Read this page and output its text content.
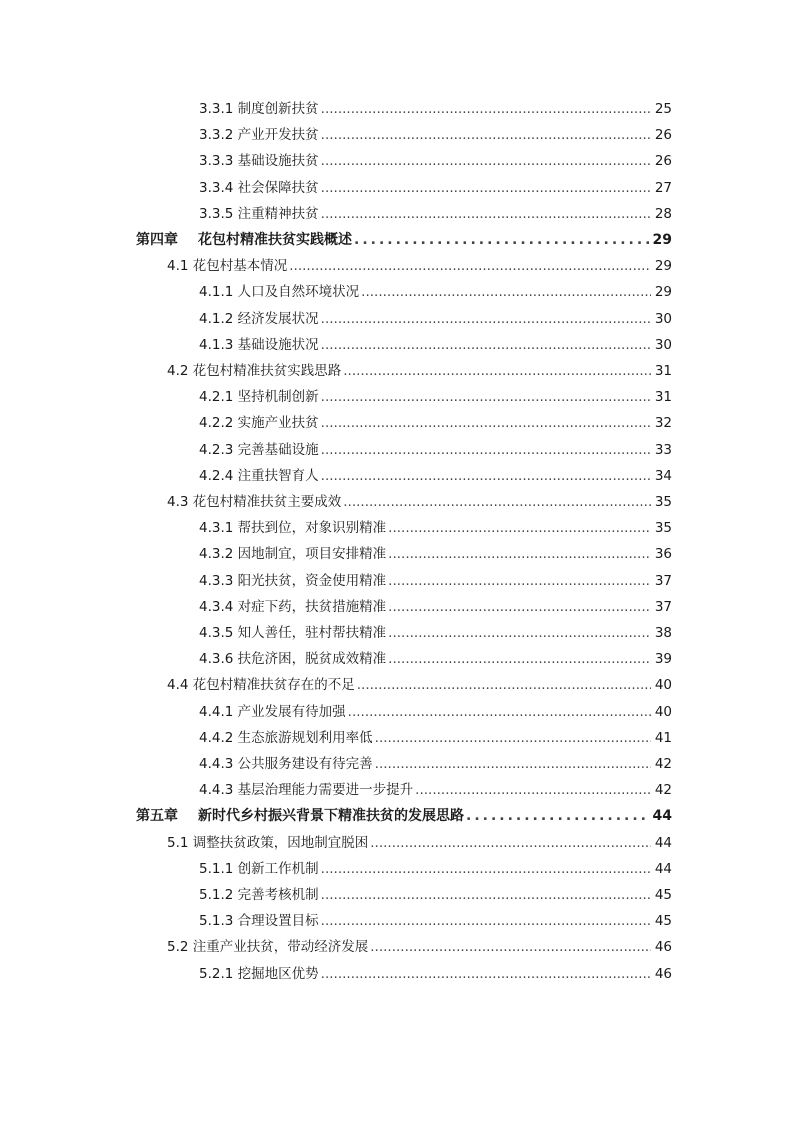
3.3.1 制度创新扶贫 .....	25
3.3.2 产业开发扶贫 .....	26
3.3.3 基础设施扶贫 .....	26
3.3.4 社会保障扶贫 .....	27
3.3.5 注重精神扶贫 .....	28
第四章 花包村精准扶贫实践概述 .....	29
4.1 花包村基本情况 .....	29
4.1.1 人口及自然环境状况 .....	29
4.1.2 经济发展状况 .....	30
4.1.3 基础设施状况 .....	30
4.2 花包村精准扶贫实践思路 .....	31
4.2.1 坚持机制创新 .....	31
4.2.2 实施产业扶贫 .....	32
4.2.3 完善基础设施 .....	33
4.2.4 注重扶智育人 .....	34
4.3 花包村精准扶贫主要成效 .....	35
4.3.1 帮扶到位，对象识别精准 .....	35
4.3.2 因地制宜，项目安排精准 .....	36
4.3.3 阳光扶贫，资金使用精准 .....	37
4.3.4 对症下药，扶贫措施精准 .....	37
4.3.5 知人善任，驻村帮扶精准 .....	38
4.3.6 扶危济困，脱贫成效精准 .....	39
4.4 花包村精准扶贫存在的不足 .....	40
4.4.1 产业发展有待加强 .....	40
4.4.2 生态旅游规划利用率低 .....	41
4.4.3 公共服务建设有待完善 .....	42
4.4.3 基层治理能力需要进一步提升 .....	42
第五章 新时代乡村振兴背景下精准扶贫的发展思路 .....	44
5.1 调整扶贫政策，因地制宜脱困 .....	44
5.1.1 创新工作机制 .....	44
5.1.2 完善考核机制 .....	45
5.1.3 合理设置目标 .....	45
5.2 注重产业扶贫，带动经济发展 .....	46
5.2.1 挖掘地区优势 .....	46
